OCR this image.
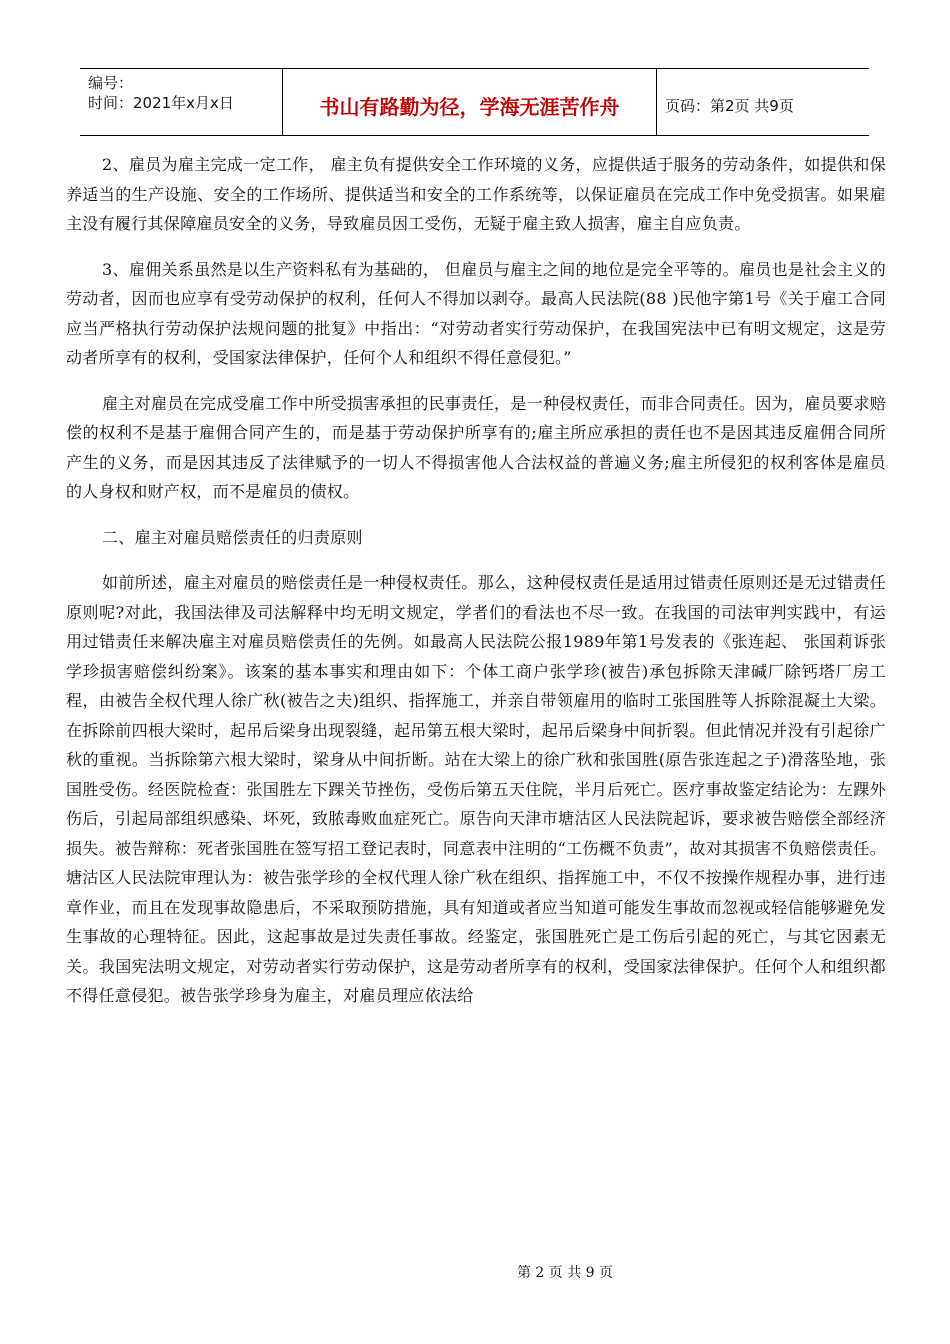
编号：
时间：2021年x月x日	书山有路勤为径，学海无涯苦作舟	页码：第2页 共9页

2、雇员为雇主完成一定工作， 雇主负有提供安全工作环境的义务，应提供适于服务的劳动条件，如提供和保养适当的生产设施、安全的工作场所、提供适当和安全的工作系统等，以保证雇员在完成工作中免受损害。如果雇主没有履行其保障雇员安全的义务，导致雇员因工受伤，无疑于雇主致人损害，雇主自应负责。

3、雇佣关系虽然是以生产资料私有为基础的， 但雇员与雇主之间的地位是完全平等的。雇员也是社会主义的劳动者，因而也应享有受劳动保护的权利，任何人不得加以剥夺。最高人民法院(88 )民他字第1号《关于雇工合同应当严格执行劳动保护法规问题的批复》中指出：“对劳动者实行劳动保护，在我国宪法中已有明文规定，这是劳动者所享有的权利，受国家法律保护，任何个人和组织不得任意侵犯。”

雇主对雇员在完成受雇工作中所受损害承担的民事责任，是一种侵权责任，而非合同责任。因为，雇员要求赔偿的权利不是基于雇佣合同产生的，而是基于劳动保护所享有的;雇主所应承担的责任也不是因其违反雇佣合同所产生的义务，而是因其违反了法律赋予的一切人不得损害他人合法权益的普遍义务;雇主所侵犯的权利客体是雇员的人身权和财产权，而不是雇员的债权。

二、雇主对雇员赔偿责任的归责原则

如前所述，雇主对雇员的赔偿责任是一种侵权责任。那么，这种侵权责任是适用过错责任原则还是无过错责任原则呢?对此，我国法律及司法解释中均无明文规定，学者们的看法也不尽一致。在我国的司法审判实践中，有运用过错责任来解决雇主对雇员赔偿责任的先例。如最高人民法院公报1989年第1号发表的《张连起、 张国莉诉张学珍损害赔偿纠纷案》。该案的基本事实和理由如下：个体工商户张学珍(被告)承包拆除天津碱厂除钙塔厂房工程，由被告全权代理人徐广秋(被告之夫)组织、指挥施工，并亲自带领雇用的临时工张国胜等人拆除混凝土大梁。在拆除前四根大梁时，起吊后梁身出现裂缝，起吊第五根大梁时，起吊后梁身中间折裂。但此情况并没有引起徐广秋的重视。当拆除第六根大梁时，梁身从中间折断。站在大梁上的徐广秋和张国胜(原告张连起之子)滑落坠地，张国胜受伤。经医院检查：张国胜左下踝关节挫伤，受伤后第五天住院，半月后死亡。医疗事故鉴定结论为：左踝外伤后，引起局部组织感染、坏死，致脓毒败血症死亡。原告向天津市塘沽区人民法院起诉，要求被告赔偿全部经济损失。被告辩称：死者张国胜在签写招工登记表时，同意表中注明的“工伤概不负责”，故对其损害不负赔偿责任。塘沽区人民法院审理认为：被告张学珍的全权代理人徐广秋在组织、指挥施工中，不仅不按操作规程办事，进行违章作业，而且在发现事故隐患后，不采取预防措施，具有知道或者应当知道可能发生事故而忽视或轻信能够避免发生事故的心理特征。因此，这起事故是过失责任事故。经鉴定，张国胜死亡是工伤后引起的死亡，与其它因素无关。我国宪法明文规定，对劳动者实行劳动保护，这是劳动者所享有的权利，受国家法律保护。任何个人和组织都不得任意侵犯。被告张学珍身为雇主，对雇员理应依法给

第 2 页 共 9 页
